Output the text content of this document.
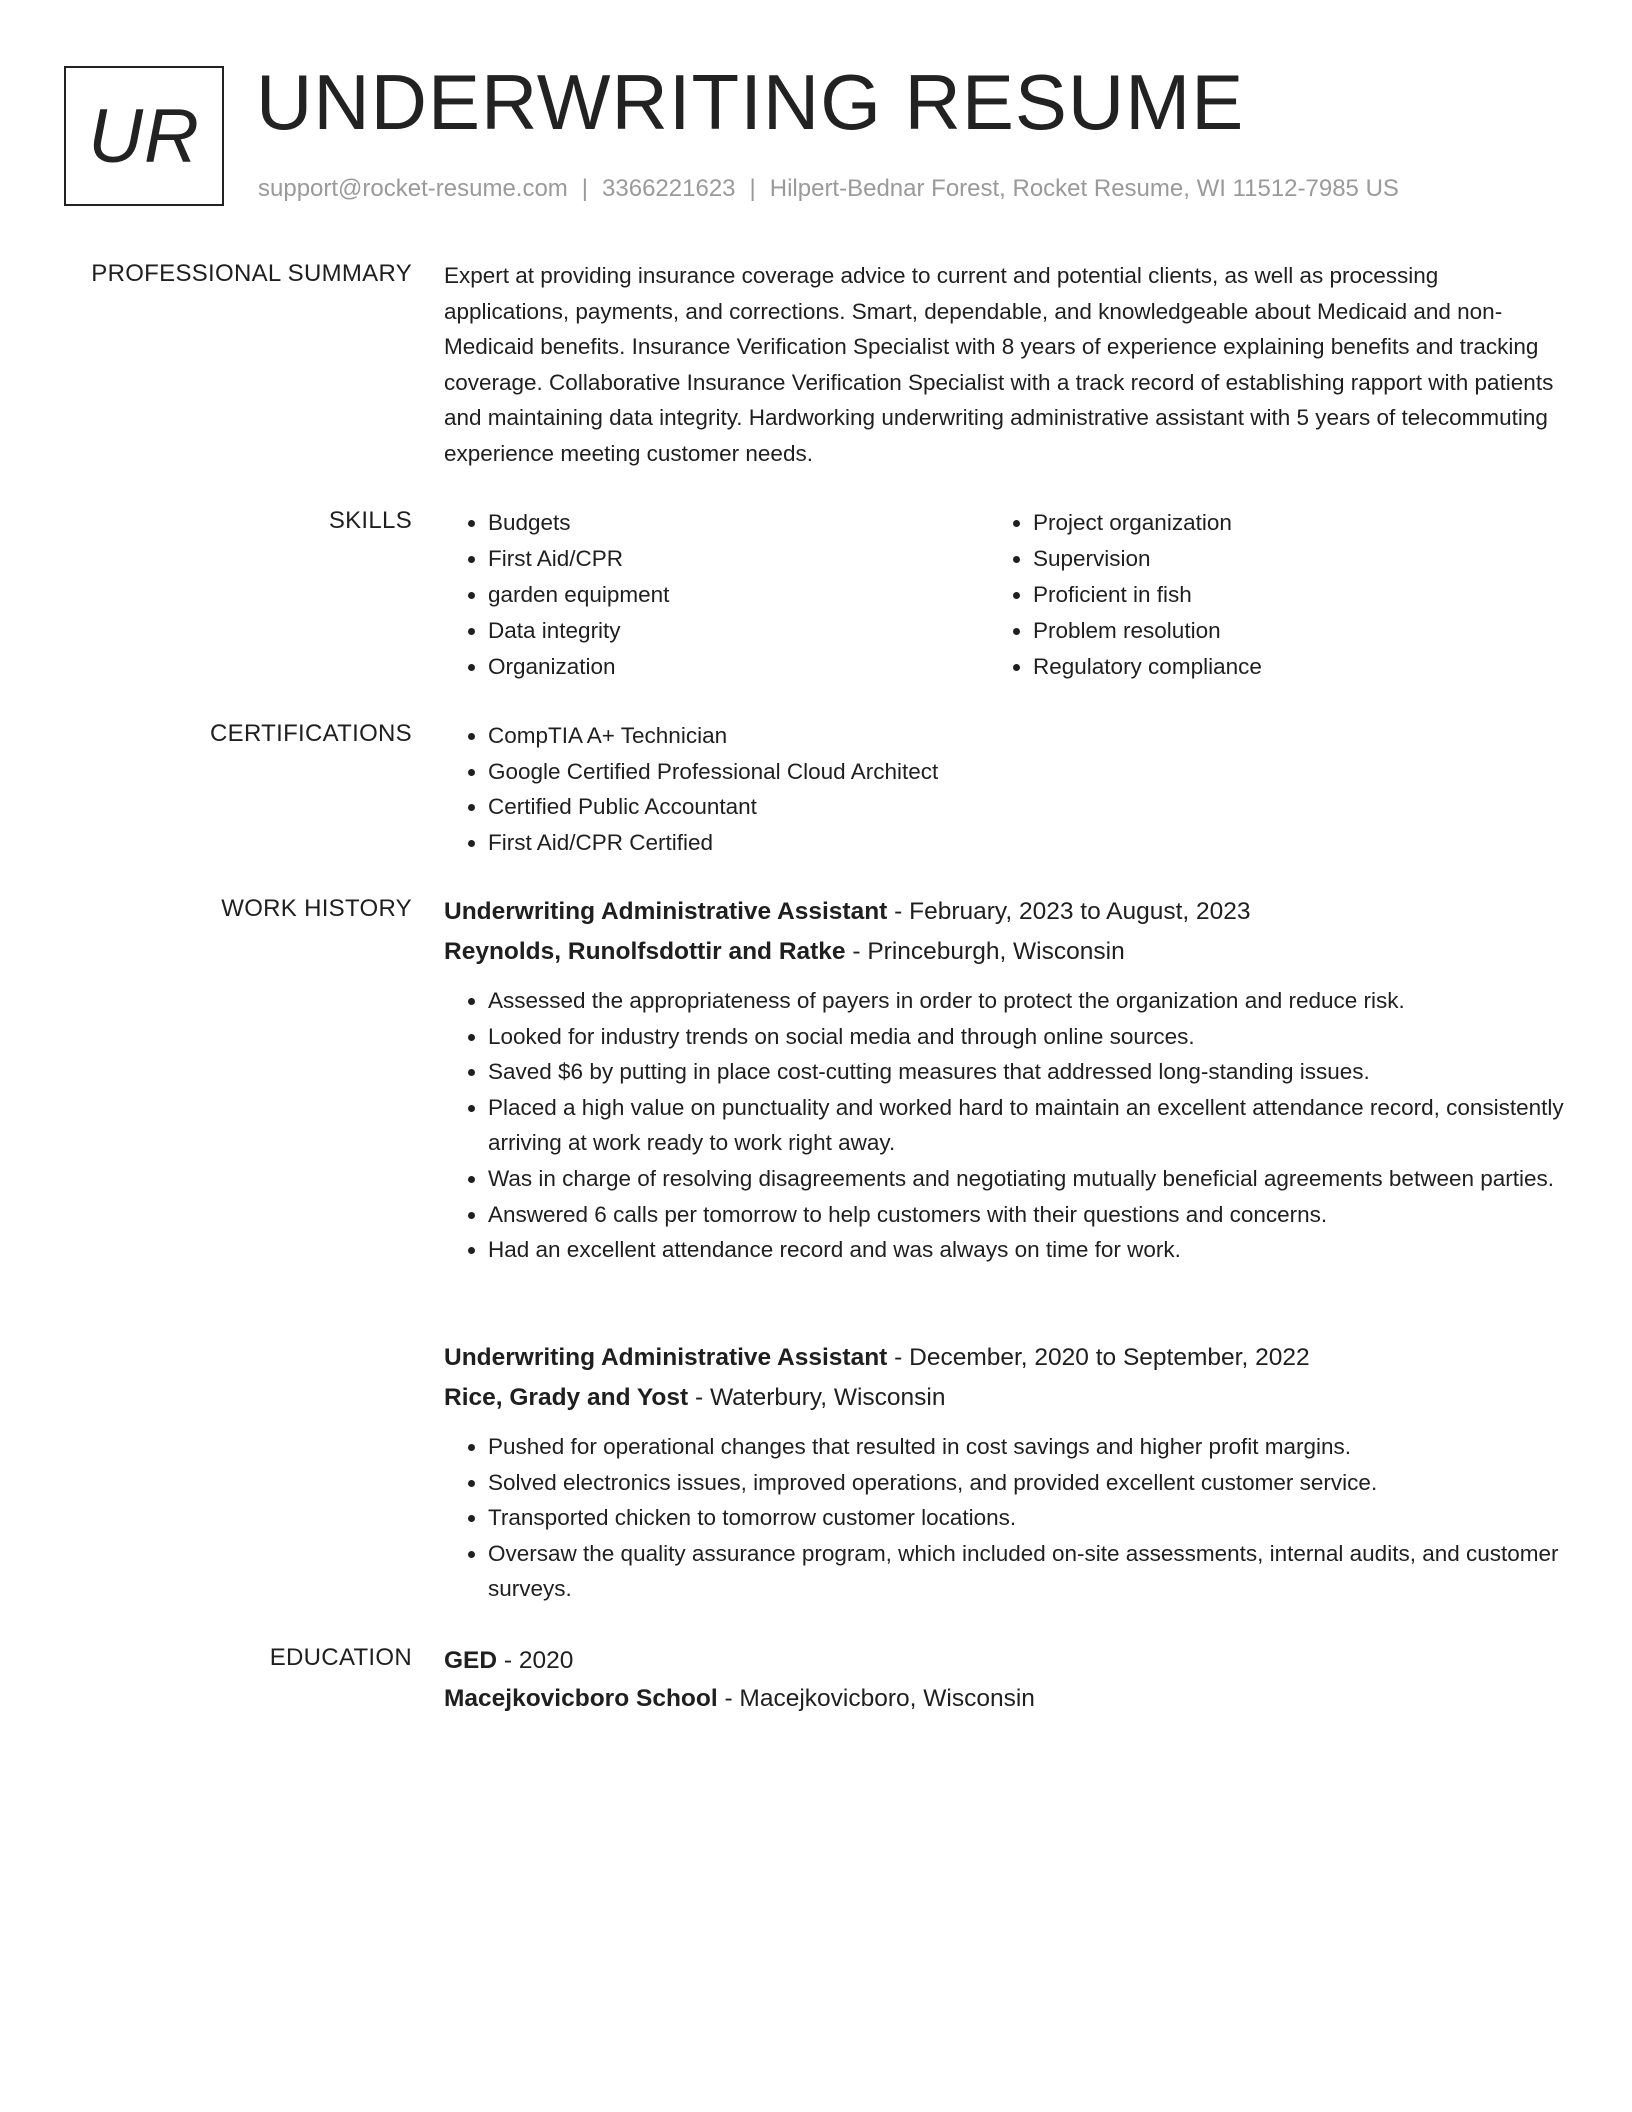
UR UNDERWRITING RESUME
support@rocket-resume.com | 3366221623 | Hilpert-Bednar Forest, Rocket Resume, WI 11512-7985 US
PROFESSIONAL SUMMARY Expert at providing insurance coverage advice to current and potential clients, as well as processing applications, payments, and corrections. Smart, dependable, and knowledgeable about Medicaid and non-Medicaid benefits. Insurance Verification Specialist with 8 years of experience explaining benefits and tracking coverage. Collaborative Insurance Verification Specialist with a track record of establishing rapport with patients and maintaining data integrity. Hardworking underwriting administrative assistant with 5 years of telecommuting experience meeting customer needs.
SKILLS	• Budgets
• First Aid/CPR
• garden equipment
• Data integrity
• Organization
• Project organization
• Supervision
• Proficient in fish
• Problem resolution
• Regulatory compliance
CERTIFICATIONS	• CompTIA A+ Technician
• Google Certified Professional Cloud Architect
• Certified Public Accountant
• First Aid/CPR Certified
WORK HISTORY Underwriting Administrative Assistant - February, 2023 to August, 2023
Reynolds, Runolfsdottir and Ratke - Princeburgh, Wisconsin
• Assessed the appropriateness of payers in order to protect the organization and reduce risk.
• Looked for industry trends on social media and through online sources.
• Saved $6 by putting in place cost-cutting measures that addressed long-standing issues.
• Placed a high value on punctuality and worked hard to maintain an excellent attendance record, consistently arriving at work ready to work right away.
• Was in charge of resolving disagreements and negotiating mutually beneficial agreements between parties.
• Answered 6 calls per tomorrow to help customers with their questions and concerns.
• Had an excellent attendance record and was always on time for work.
Underwriting Administrative Assistant - December, 2020 to September, 2022
Rice, Grady and Yost - Waterbury, Wisconsin
• Pushed for operational changes that resulted in cost savings and higher profit margins.
• Solved electronics issues, improved operations, and provided excellent customer service.
• Transported chicken to tomorrow customer locations.
• Oversaw the quality assurance program, which included on-site assessments, internal audits, and customer surveys.
EDUCATION GED - 2020
Macejkovicboro School - Macejkovicboro, Wisconsin
